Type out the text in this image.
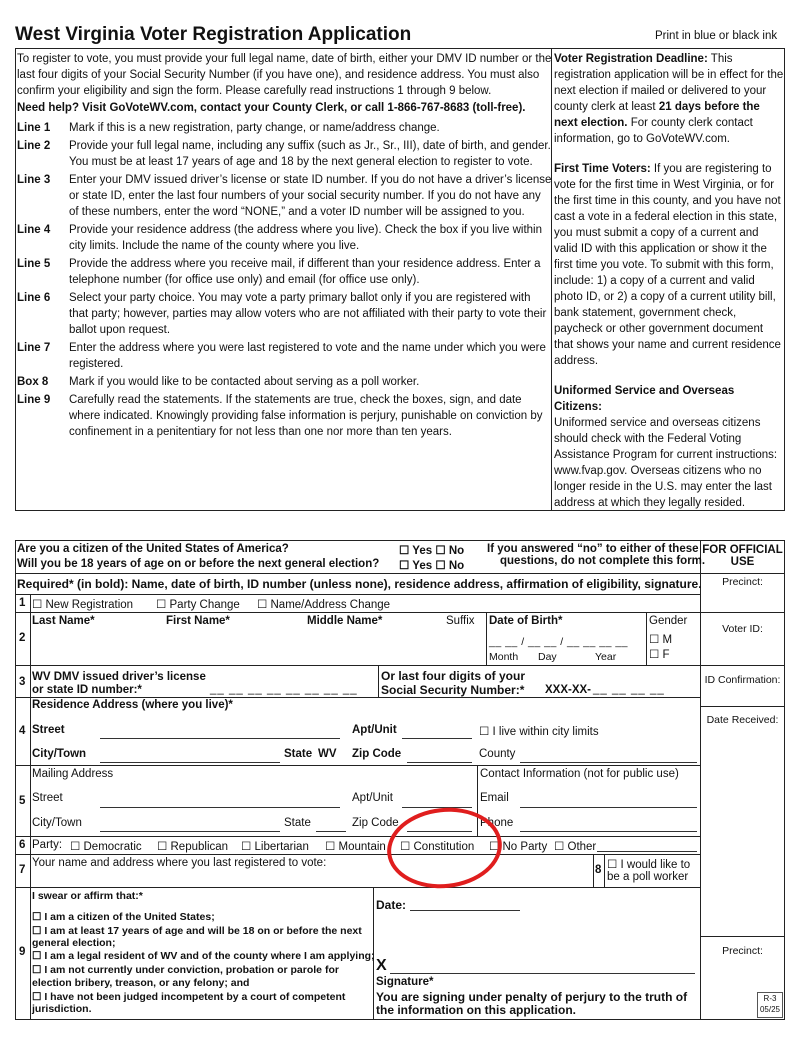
West Virginia Voter Registration Application	Print in blue or black ink

To register to vote, you must provide your full legal name, date of birth, either your DMV ID number or the last four digits of your Social Security Number (if you have one), and residence address. You must also confirm your eligibility and sign the form. Please carefully read instructions 1 through 9 below.

Need help? Visit GoVoteWV.com, contact your County Clerk, or call 1-866-767-8683 (toll-free).

Line 1	Mark if this is a new registration, party change, or name/address change.
Line 2	Provide your full legal name, including any suffix (such as Jr., Sr., III), date of birth, and gender. You must be at least 17 years of age and 18 by the next general election to register to vote.
Line 3	Enter your DMV issued driver’s license or state ID number. If you do not have a driver’s license or state ID, enter the last four numbers of your social security number. If you do not have any of these numbers, enter the word “NONE,” and a voter ID number will be assigned to you.
Line 4	Provide your residence address (the address where you live). Check the box if you live within city limits. Include the name of the county where you live.
Line 5	Provide the address where you receive mail, if different than your residence address. Enter a telephone number (for office use only) and email (for office use only).
Line 6	Select your party choice. You may vote a party primary ballot only if you are registered with that party; however, parties may allow voters who are not affiliated with their party to vote their ballot upon request.
Line 7	Enter the address where you were last registered to vote and the name under which you were registered.
Box 8	Mark if you would like to be contacted about serving as a poll worker.
Line 9	Carefully read the statements. If the statements are true, check the boxes, sign, and date where indicated. Knowingly providing false information is perjury, punishable on conviction by confinement in a penitentiary for not less than one nor more than ten years.

Voter Registration Deadline: This registration application will be in effect for the next election if mailed or delivered to your county clerk at least 21 days before the next election. For county clerk contact information, go to GoVoteWV.com.

First Time Voters: If you are registering to vote for the first time in West Virginia, or for the first time in this county, and you have not cast a vote in a federal election in this state, you must submit a copy of a current and valid ID with this application or show it the first time you vote. To submit with this form, include: 1) a copy of a current and valid photo ID, or 2) a copy of a current utility bill, bank statement, government check, paycheck or other government document that shows your name and current residence address.

Uniformed Service and Overseas Citizens:
Uniformed service and overseas citizens should check with the Federal Voting Assistance Program for current instructions: www.fvap.gov. Overseas citizens who no longer reside in the U.S. may enter the last address at which they legally resided.

Are you a citizen of the United States of America?
Will you be 18 years of age on or before the next general election?
☐ Yes ☐ No
☐ Yes ☐ No
If you answered “no” to either of these
questions, do not complete this form.
Required* (in bold): Name, date of birth, ID number (unless none), residence address, affirmation of eligibility, signature.
1 ☐ New Registration ☐ Party Change ☐ Name/Address Change
2
Last Name*	First Name*	Middle Name*	Suffix Date of Birth*
__ __ / __ __ / __ __ __ __
Month Day	Year
Gender
☐ M
☐ F
3 WV DMV issued driver’s license
or state ID number:*	__ __ __ __ __ __ __ __
Or last four digits of your
Social Security Number:* XXX-XX- __ __ __ __
Residence Address (where you live)*
4 Street	Apt/Unit	☐ I live within city limits
City/Town	State WV Zip Code	County
Mailing Address	Contact Information (not for public use)
5 Street	Apt/Unit	Email
City/Town	State	Zip Code	Phone
6 Party: ☐ Democratic ☐ Republican ☐ Libertarian ☐ Mountain ☐ Constitution ☐ No Party ☐ Other
7
Your name and address where you last registered to vote:
8 ☐ I would like to
be a poll worker
9
I swear or affirm that:*
☐ I am a citizen of the United States;
☐ I am at least 17 years of age and will be 18 on or before the next
general election;
☐ I am a legal resident of WV and of the county where I am applying;
☐ I am not currently under conviction, probation or parole for
election bribery, treason, or any felony; and
☐ I have not been judged incompetent by a court of competent
jurisdiction.
Date:
X
Signature*
You are signing under penalty of perjury to the truth of
the information on this application.
FOR OFFICIAL
USE
Precinct:
Voter ID:
ID Confirmation:
Date Received:
Precinct:
R-3
05/25
